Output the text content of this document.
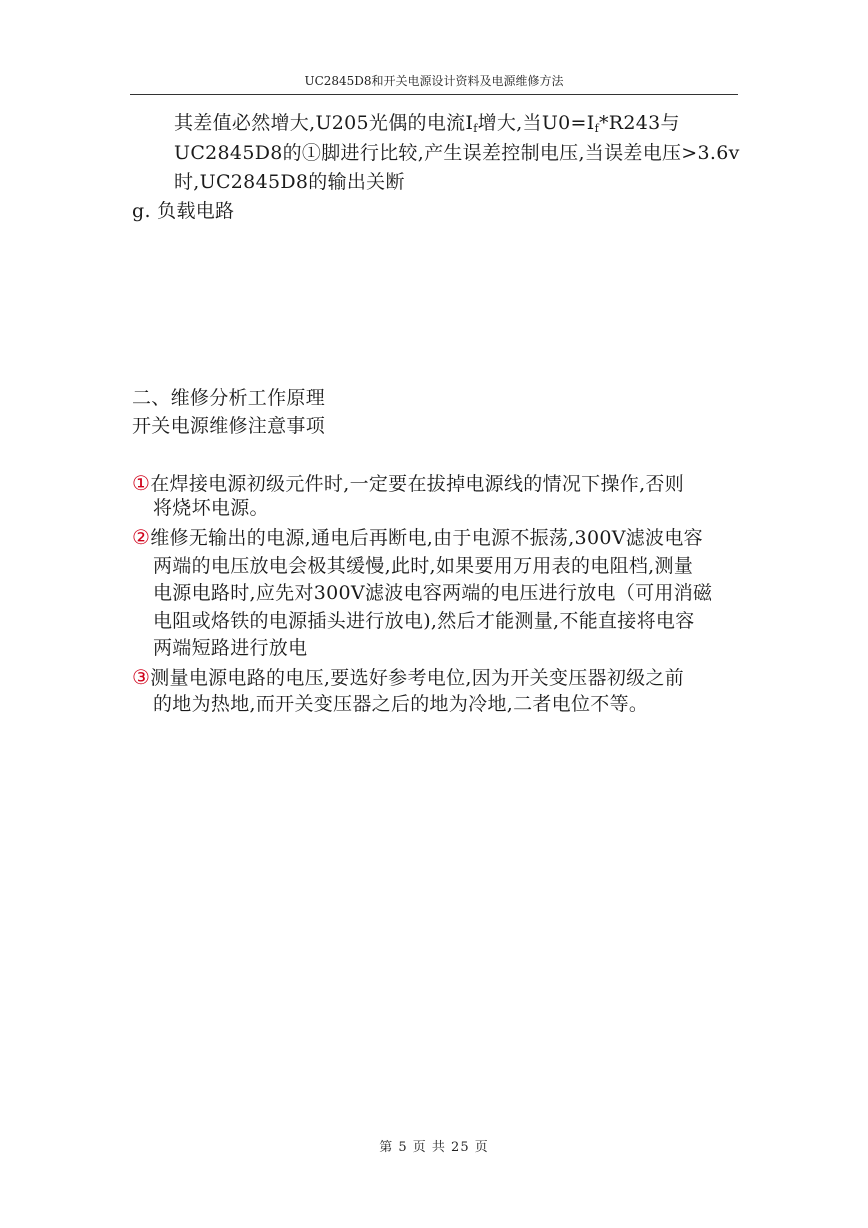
UC2845D8和开关电源设计资料及电源维修方法
其差值必然增大,U205光偶的电流$I_f$增大,当$U0=I_f*R243$与
UC2845D8的①脚进行比较,产生误差控制电压,当误差电压>3.6v
时,UC2845D8的输出关断
g. 负载电路
二、维修分析工作原理
开关电源维修注意事项
①在焊接电源初级元件时,一定要在拔掉电源线的情况下操作,否则
将烧坏电源。
②维修无输出的电源,通电后再断电,由于电源不振荡,300V滤波电容
两端的电压放电会极其缓慢,此时,如果要用万用表的电阻档,测量
电源电路时,应先对300V滤波电容两端的电压进行放电（可用消磁
电阻或烙铁的电源插头进行放电),然后才能测量,不能直接将电容
两端短路进行放电
③测量电源电路的电压,要选好参考电位,因为开关变压器初级之前
的地为热地,而开关变压器之后的地为冷地,二者电位不等。
第 5 页 共 25 页
